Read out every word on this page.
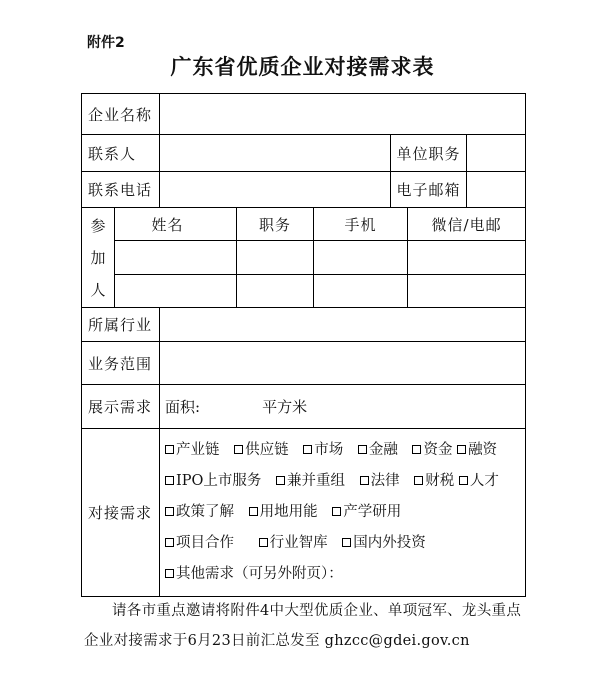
附件2
广东省优质企业对接需求表
企业名称						
联系人					单位职务	

联系电话					电子邮箱	

参
加
人	姓名		职务	手机		微信/电邮

所属行业						
业务范围						
展示需求		面积: 平方米				
对接需求		产业链 供应链 市场 金融 资金 融资
IPO上市服务 兼并重组 法律 财税 人才
政策了解 用地用能 产学研用
项目合作 行业智库 国内外投资
其他需求（可另外附页）：				
请各市重点邀请将附件4中大型优质企业、单项冠军、龙头重点企业对接需求于6月23日前汇总发至 ghzcc@gdei.gov.cn
